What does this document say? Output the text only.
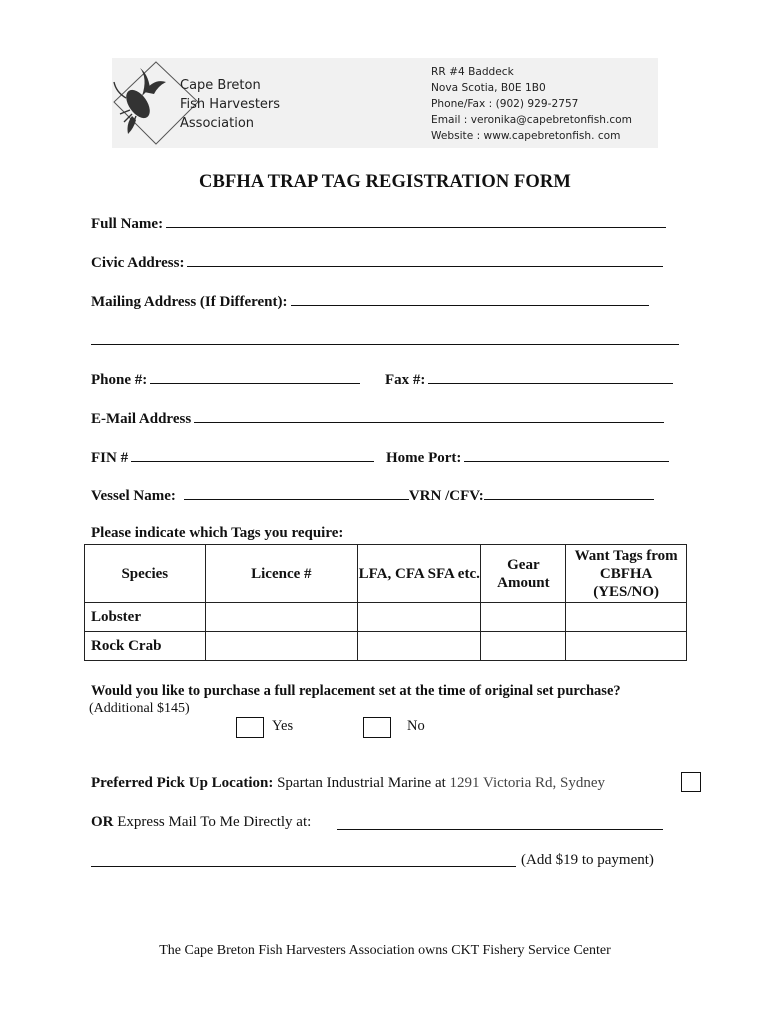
Cape Breton
Fish Harvesters
Association
RR #4 Baddeck
Nova Scotia, B0E 1B0
Phone/Fax : (902) 929-2757
Email : veronika@capebretonfish.com
Website : www.capebretonfish. com
CBFHA TRAP TAG REGISTRATION FORM
Full Name:
Civic Address:
Mailing Address (If Different):
Phone #:	Fax #:
E-Mail Address
FIN #	Home Port:
Vessel Name:	VRN /CFV:
Please indicate which Tags you require:
Species	Licence #	LFA, CFA SFA etc.	Gear Amount	Want Tags from CBFHA (YES/NO)
Lobster				
Rock Crab				
Would you like to purchase a full replacement set at the time of original set purchase?
(Additional $145)
Yes	No
Preferred Pick Up Location: Spartan Industrial Marine at 1291 Victoria Rd, Sydney
OR Express Mail To Me Directly at:
(Add $19 to payment)
The Cape Breton Fish Harvesters Association owns CKT Fishery Service Center
